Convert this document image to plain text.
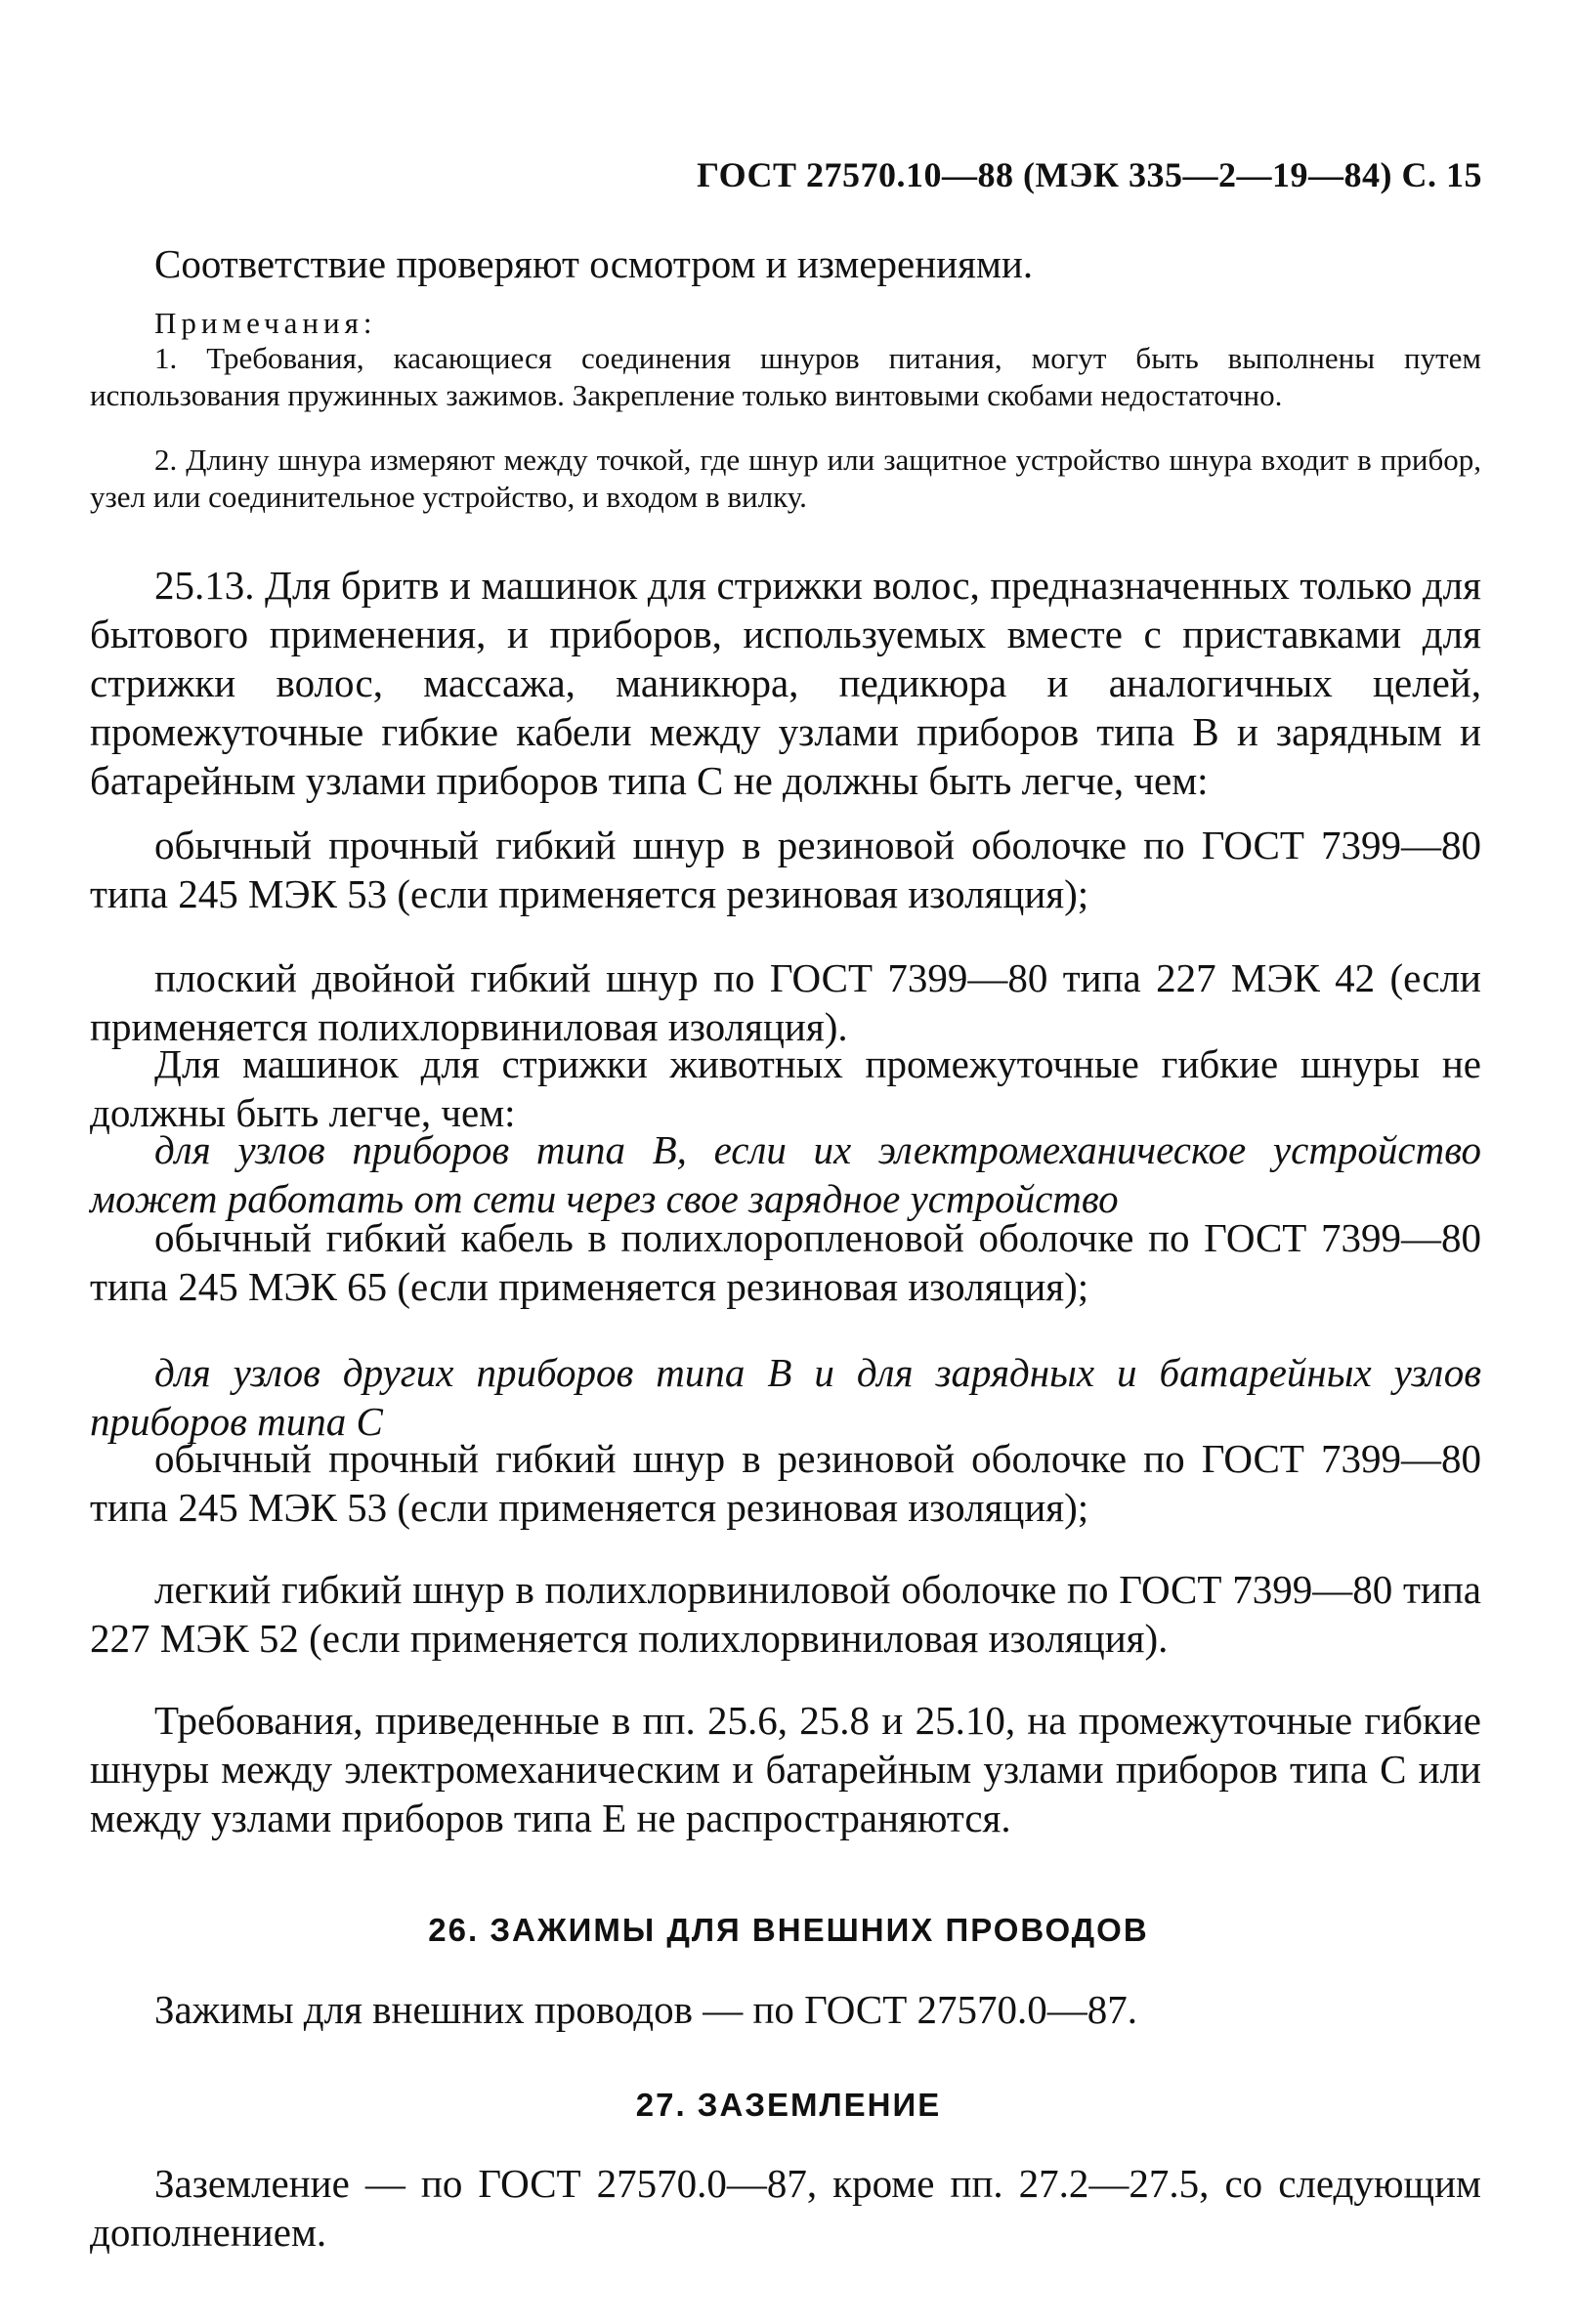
ГОСТ 27570.10—88 (МЭК 335—2—19—84) С. 15
Соответствие проверяют осмотром и измерениями.
Примечания:
1. Требования, касающиеся соединения шнуров питания, могут быть выполнены путем использования пружинных зажимов. Закрепление только винтовыми скобами недостаточно.
2. Длину шнура измеряют между точкой, где шнур или защитное устройство шнура входит в прибор, узел или соединительное устройство, и входом в вилку.
25.13. Для бритв и машинок для стрижки волос, предназначенных только для бытового применения, и приборов, используемых вместе с приставками для стрижки волос, массажа, маникюра, педикюра и аналогичных целей, промежуточные гибкие кабели между узлами приборов типа В и зарядным и батарейным узлами приборов типа С не должны быть легче, чем:
обычный прочный гибкий шнур в резиновой оболочке по ГОСТ 7399—80 типа 245 МЭК 53 (если применяется резиновая изоляция);
плоский двойной гибкий шнур по ГОСТ 7399—80 типа 227 МЭК 42 (если применяется полихлорвиниловая изоляция).
Для машинок для стрижки животных промежуточные гибкие шнуры не должны быть легче, чем:
для узлов приборов типа В, если их электромеханическое устройство может работать от сети через свое зарядное устройство
обычный гибкий кабель в полихлоропленовой оболочке по ГОСТ 7399—80 типа 245 МЭК 65 (если применяется резиновая изоляция);
для узлов других приборов типа В и для зарядных и батарейных узлов приборов типа С
обычный прочный гибкий шнур в резиновой оболочке по ГОСТ 7399—80 типа 245 МЭК 53 (если применяется резиновая изоляция);
легкий гибкий шнур в полихлорвиниловой оболочке по ГОСТ 7399—80 типа 227 МЭК 52 (если применяется полихлорвиниловая изоляция).
Требования, приведенные в пп. 25.6, 25.8 и 25.10, на промежуточные гибкие шнуры между электромеханическим и батарейным узлами приборов типа С или между узлами приборов типа Е не распространяются.
26. ЗАЖИМЫ ДЛЯ ВНЕШНИХ ПРОВОДОВ
Зажимы для внешних проводов — по ГОСТ 27570.0—87.
27. ЗАЗЕМЛЕНИЕ
Заземление — по ГОСТ 27570.0—87, кроме пп. 27.2—27.5, со следующим дополнением.
